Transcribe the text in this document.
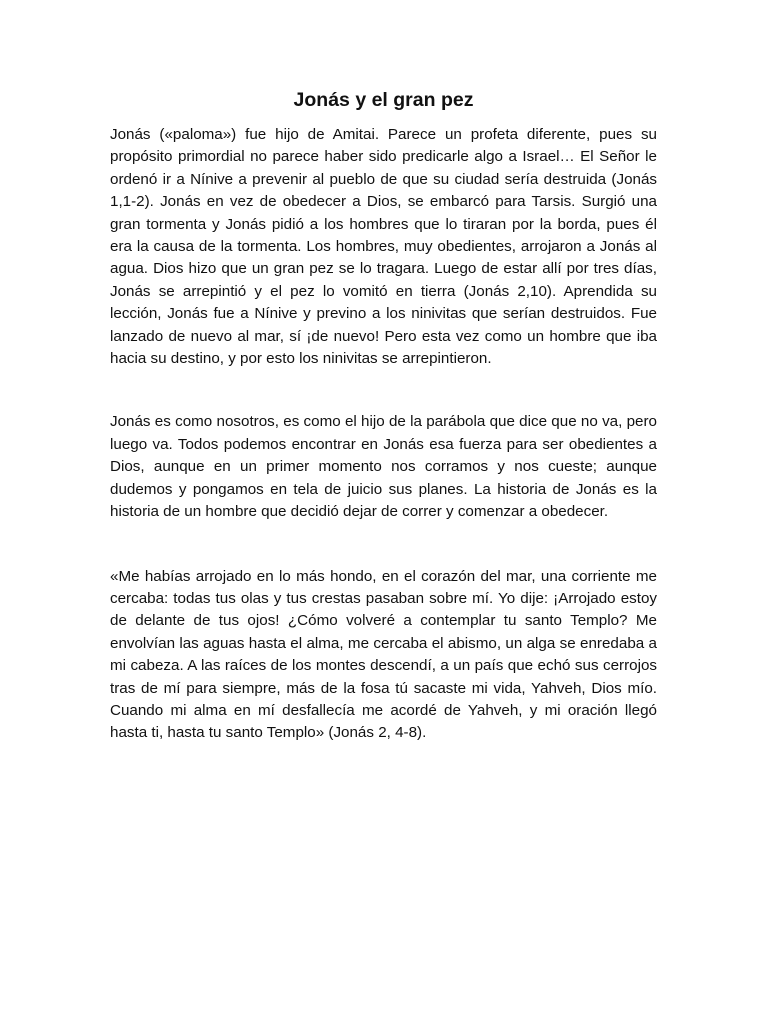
Jonás y el gran pez

Jonás («paloma») fue hijo de Amitai. Parece un profeta diferente, pues su propósito primordial no parece haber sido predicarle algo a Israel… El Señor le ordenó ir a Nínive a prevenir al pueblo de que su ciudad sería destruida (Jonás 1,1-2). Jonás en vez de obedecer a Dios, se embarcó para Tarsis. Surgió una gran tormenta y Jonás pidió a los hombres que lo tiraran por la borda, pues él era la causa de la tormenta. Los hombres, muy obedientes, arrojaron a Jonás al agua. Dios hizo que un gran pez se lo tragara. Luego de estar allí por tres días, Jonás se arrepintió y el pez lo vomitó en tierra (Jonás 2,10). Aprendida su lección, Jonás fue a Nínive y previno a los ninivitas que serían destruidos. Fue lanzado de nuevo al mar, sí ¡de nuevo! Pero esta vez como un hombre que iba hacia su destino, y por esto los ninivitas se arrepintieron.

Jonás es como nosotros, es como el hijo de la parábola que dice que no va, pero luego va. Todos podemos encontrar en Jonás esa fuerza para ser obedientes a Dios, aunque en un primer momento nos corramos y nos cueste; aunque dudemos y pongamos en tela de juicio sus planes. La historia de Jonás es la historia de un hombre que decidió dejar de correr y comenzar a obedecer.

«Me habías arrojado en lo más hondo, en el corazón del mar, una corriente me cercaba: todas tus olas y tus crestas pasaban sobre mí. Yo dije: ¡Arrojado estoy de delante de tus ojos! ¿Cómo volveré a contemplar tu santo Templo? Me envolvían las aguas hasta el alma, me cercaba el abismo, un alga se enredaba a mi cabeza. A las raíces de los montes descendí, a un país que echó sus cerrojos tras de mí para siempre, más de la fosa tú sacaste mi vida, Yahveh, Dios mío. Cuando mi alma en mí desfallecía me acordé de Yahveh, y mi oración llegó hasta ti, hasta tu santo Templo» (Jonás 2, 4-8).
